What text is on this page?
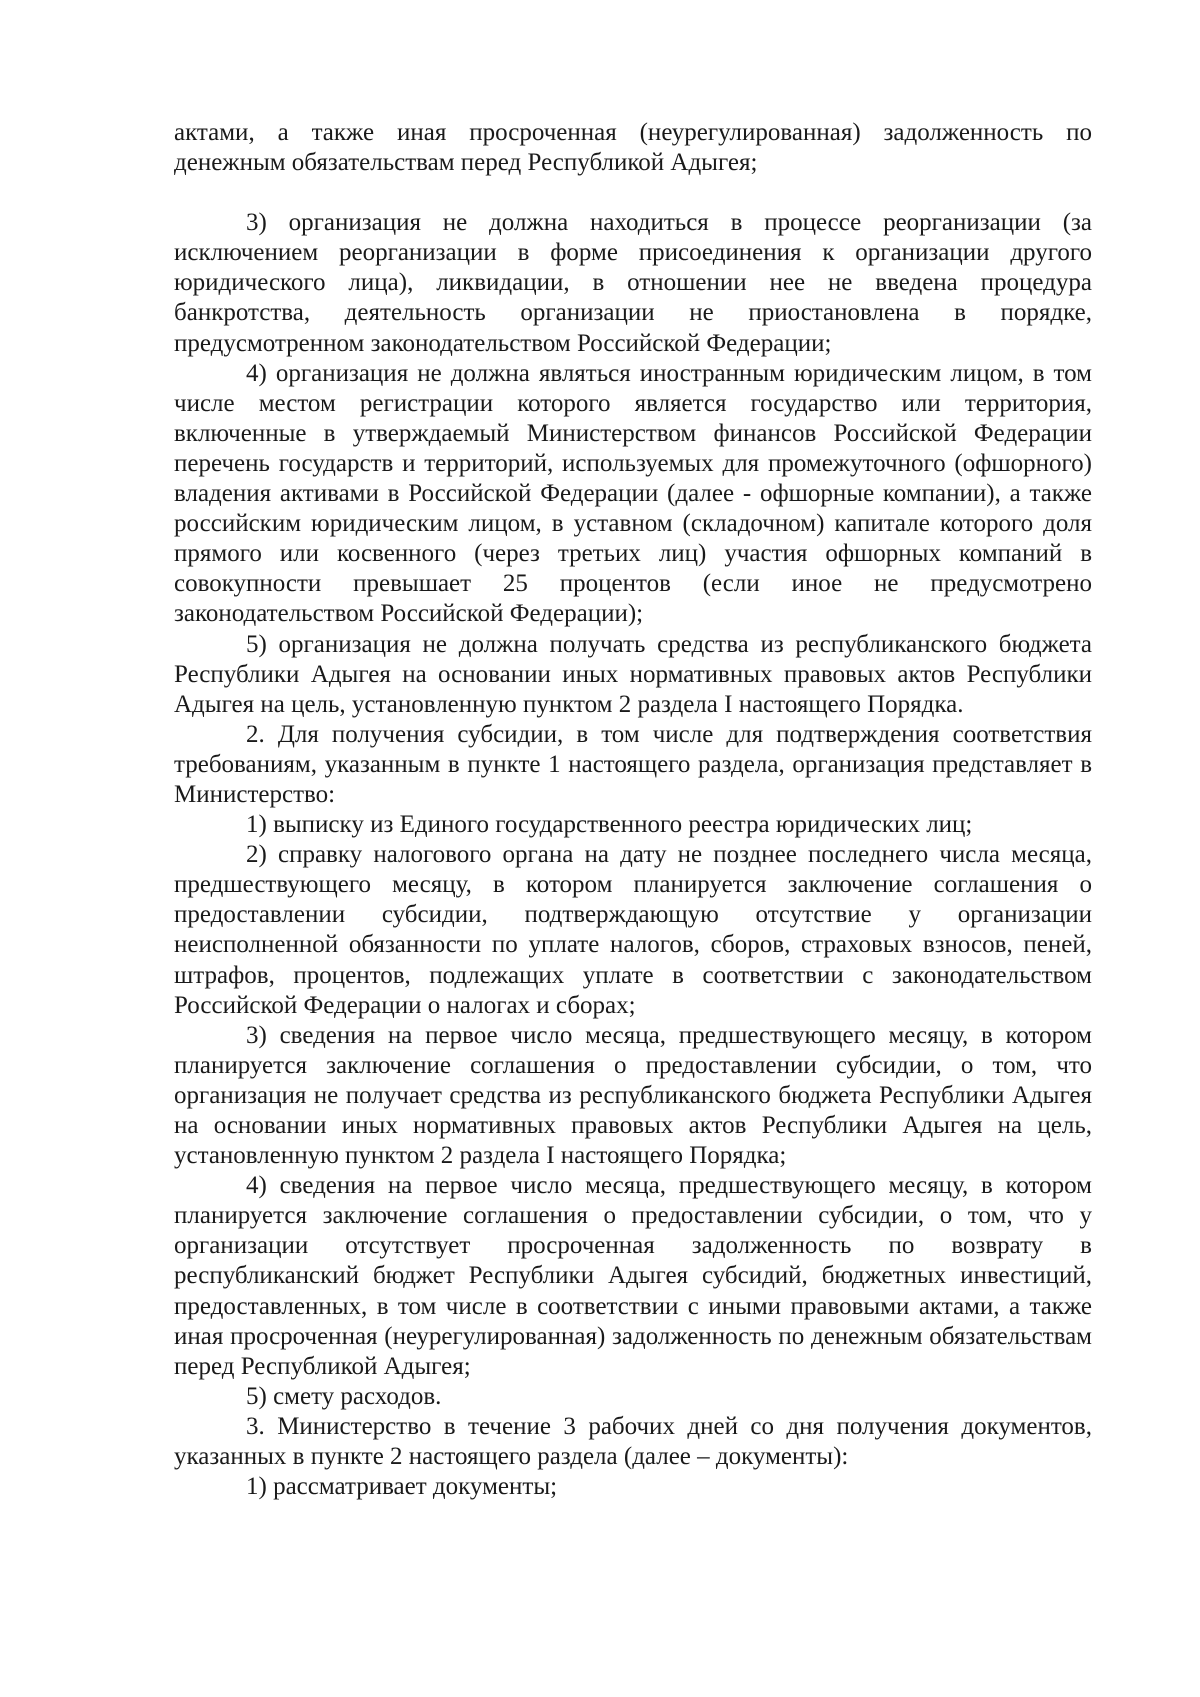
актами, а также иная просроченная (неурегулированная) задолженность по денежным обязательствам перед Республикой Адыгея;

3) организация не должна находиться в процессе реорганизации (за исключением реорганизации в форме присоединения к организации другого юридического лица), ликвидации, в отношении нее не введена процедура банкротства, деятельность организации не приостановлена в порядке, предусмотренном законодательством Российской Федерации;

4) организация не должна являться иностранным юридическим лицом, в том числе местом регистрации которого является государство или территория, включенные в утверждаемый Министерством финансов Российской Федерации перечень государств и территорий, используемых для промежуточного (офшорного) владения активами в Российской Федерации (далее - офшорные компании), а также российским юридическим лицом, в уставном (складочном) капитале которого доля прямого или косвенного (через третьих лиц) участия офшорных компаний в совокупности превышает 25 процентов (если иное не предусмотрено законодательством Российской Федерации);

5) организация не должна получать средства из республиканского бюджета Республики Адыгея на основании иных нормативных правовых актов Республики Адыгея на цель, установленную пунктом 2 раздела I настоящего Порядка.

2. Для получения субсидии, в том числе для подтверждения соответствия требованиям, указанным в пункте 1 настоящего раздела, организация представляет в Министерство:

1) выписку из Единого государственного реестра юридических лиц;

2) справку налогового органа на дату не позднее последнего числа месяца, предшествующего месяцу, в котором планируется заключение соглашения о предоставлении субсидии, подтверждающую отсутствие у организации неисполненной обязанности по уплате налогов, сборов, страховых взносов, пеней, штрафов, процентов, подлежащих уплате в соответствии с законодательством Российской Федерации о налогах и сборах;

3) сведения на первое число месяца, предшествующего месяцу, в котором планируется заключение соглашения о предоставлении субсидии, о том, что организация не получает средства из республиканского бюджета Республики Адыгея на основании иных нормативных правовых актов Республики Адыгея на цель, установленную пунктом 2 раздела I настоящего Порядка;

4) сведения на первое число месяца, предшествующего месяцу, в котором планируется заключение соглашения о предоставлении субсидии, о том, что у организации отсутствует просроченная задолженность по возврату в республиканский бюджет Республики Адыгея субсидий, бюджетных инвестиций, предоставленных, в том числе в соответствии с иными правовыми актами, а также иная просроченная (неурегулированная) задолженность по денежным обязательствам перед Республикой Адыгея;

5) смету расходов.

3. Министерство в течение 3 рабочих дней со дня получения документов, указанных в пункте 2 настоящего раздела (далее – документы):

1) рассматривает документы;
